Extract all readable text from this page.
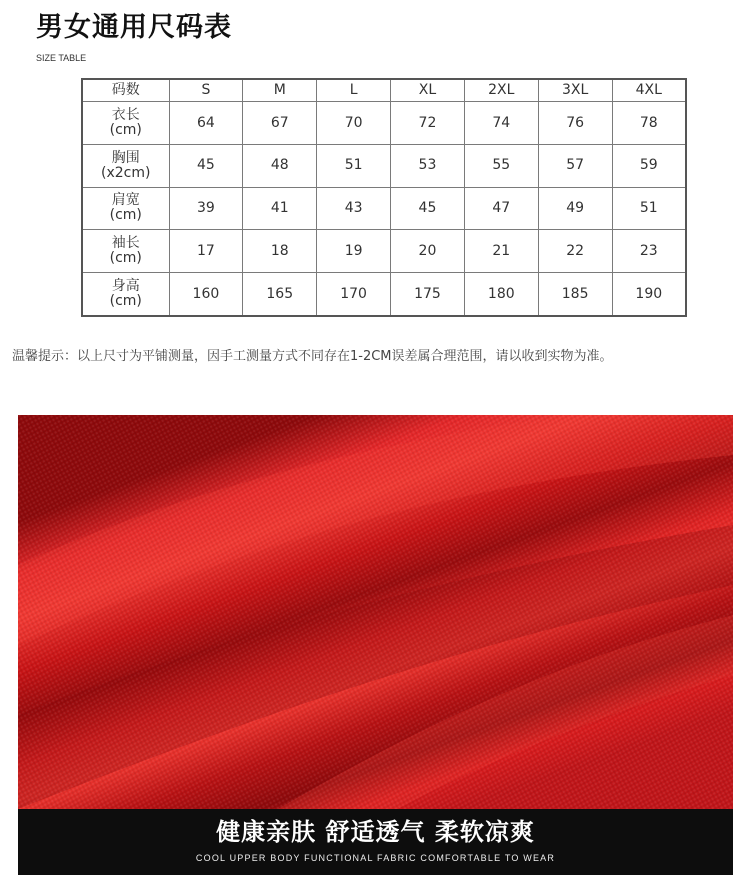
男女通用尺码表
SIZE TABLE
码数	S	M	L	XL	2XL	3XL	4XL
衣长
(cm)	64	67	70	72	74	76	78
胸围
(x2cm)	45	48	51	53	55	57	59
肩宽
(cm)	39	41	43	45	47	49	51
袖长
(cm)	17	18	19	20	21	22	23
身高
(cm)	160	165	170	175	180	185	190
温馨提示：以上尺寸为平铺测量，因手工测量方式不同存在1-2CM误差属合理范围，请以收到实物为准。
健康亲肤 舒适透气 柔软凉爽
COOL UPPER BODY FUNCTIONAL FABRIC COMFORTABLE TO WEAR
